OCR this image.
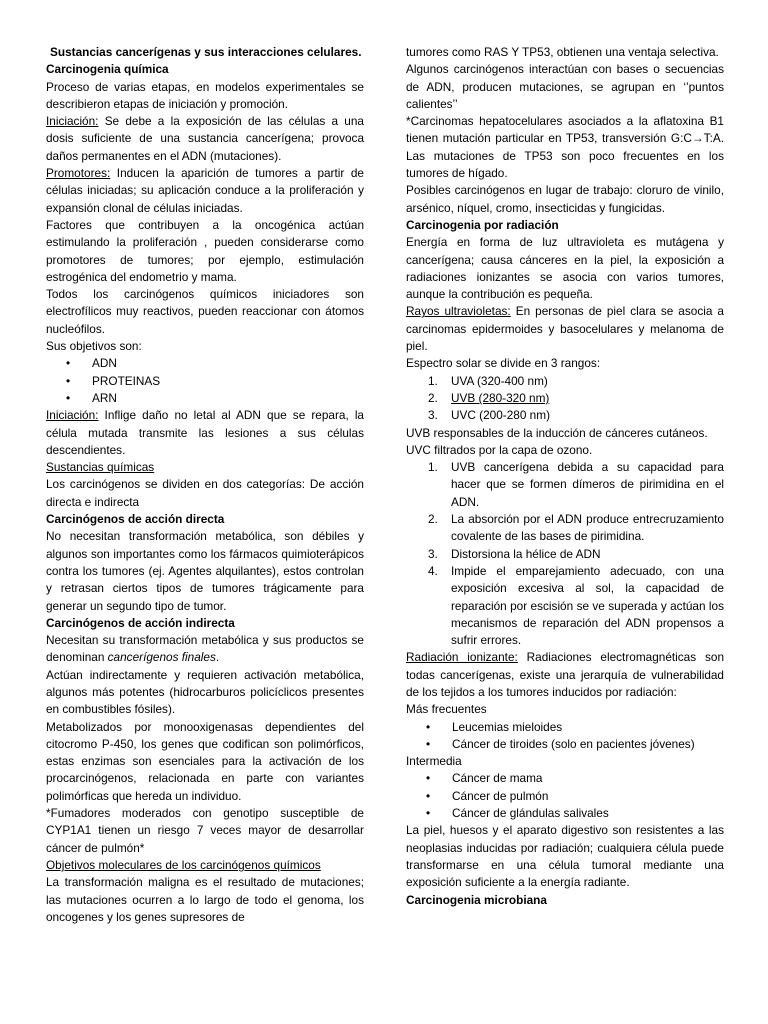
Sustancias cancerígenas y sus interacciones celulares.

Carcinogenia química

Proceso de varias etapas, en modelos experimentales se describieron etapas de iniciación y promoción.

Iniciación: Se debe a la exposición de las células a una dosis suficiente de una sustancia cancerígena; provoca daños permanentes en el ADN (mutaciones).

Promotores: Inducen la aparición de tumores a partir de células iniciadas; su aplicación conduce a la proliferación y expansión clonal de células iniciadas.

Factores que contribuyen a la oncogénica actúan estimulando la proliferación , pueden considerarse como promotores de tumores; por ejemplo, estimulación estrogénica del endometrio y mama.

Todos los carcinógenos químicos iniciadores son electrofílicos muy reactivos, pueden reaccionar con átomos nucleófilos.

Sus objetivos son:

• ADN
• PROTEINAS
• ARN

Iniciación: Inflige daño no letal al ADN que se repara, la célula mutada transmite las lesiones a sus células descendientes.

Sustancias químicas

Los carcinógenos se dividen en dos categorías: De acción directa e indirecta

Carcinógenos de acción directa

No necesitan transformación metabólica, son débiles y algunos son importantes como los fármacos quimioterápicos contra los tumores (ej. Agentes alquilantes), estos controlan y retrasan ciertos tipos de tumores trágicamente para generar un segundo tipo de tumor.

Carcinógenos de acción indirecta

Necesitan su transformación metabólica y sus productos se denominan cancerígenos finales.

Actúan indirectamente y requieren activación metabólica, algunos más potentes (hidrocarburos policíclicos presentes en combustibles fósiles).

Metabolizados por monooxigenasas dependientes del citocromo P-450, los genes que codifican son polimórficos, estas enzimas son esenciales para la activación de los procarcinógenos, relacionada en parte con variantes polimórficas que hereda un individuo.

*Fumadores moderados con genotipo susceptible de CYP1A1 tienen un riesgo 7 veces mayor de desarrollar cáncer de pulmón*

Objetivos moleculares de los carcinógenos químicos

La transformación maligna es el resultado de mutaciones; las mutaciones ocurren a lo largo de todo el genoma, los oncogenes y los genes supresores de

tumores como RAS Y TP53, obtienen una ventaja selectiva.

Algunos carcinógenos interactúan con bases o secuencias de ADN, producen mutaciones, se agrupan en ‘’puntos calientes’’

*Carcinomas hepatocelulares asociados a la aflatoxina B1 tienen mutación particular en TP53, transversión G:C→T:A. Las mutaciones de TP53 son poco frecuentes en los tumores de hígado.

Posibles carcinógenos en lugar de trabajo: cloruro de vinilo, arsénico, níquel, cromo, insecticidas y fungicidas.

Carcinogenia por radiación

Energía en forma de luz ultravioleta es mutágena y cancerígena; causa cánceres en la piel, la exposición a radiaciones ionizantes se asocia con varios tumores, aunque la contribución es pequeña.

Rayos ultravioletas: En personas de piel clara se asocia a carcinomas epidermoides y basocelulares y melanoma de piel.

Espectro solar se divide en 3 rangos:

1. UVA (320-400 nm)
2. UVB (280-320 nm)
3. UVC (200-280 nm)

UVB responsables de la inducción de cánceres cutáneos.

UVC filtrados por la capa de ozono.

1. UVB cancerígena debida a su capacidad para hacer que se formen dímeros de pirimidina en el ADN.
2. La absorción por el ADN produce entrecruzamiento covalente de las bases de pirimidina.
3. Distorsiona la hélice de ADN
4. Impide el emparejamiento adecuado, con una exposición excesiva al sol, la capacidad de reparación por escisión se ve superada y actúan los mecanismos de reparación del ADN propensos a sufrir errores.

Radiación ionizante: Radiaciones electromagnéticas son todas cancerígenas, existe una jerarquía de vulnerabilidad de los tejidos a los tumores inducidos por radiación:

Más frecuentes

• Leucemias mieloides
• Cáncer de tiroides (solo en pacientes jóvenes)

Intermedia

• Cáncer de mama
• Cáncer de pulmón
• Cáncer de glándulas salivales

La piel, huesos y el aparato digestivo son resistentes a las neoplasias inducidas por radiación; cualquiera célula puede transformarse en una célula tumoral mediante una exposición suficiente a la energía radiante.

Carcinogenia microbiana
